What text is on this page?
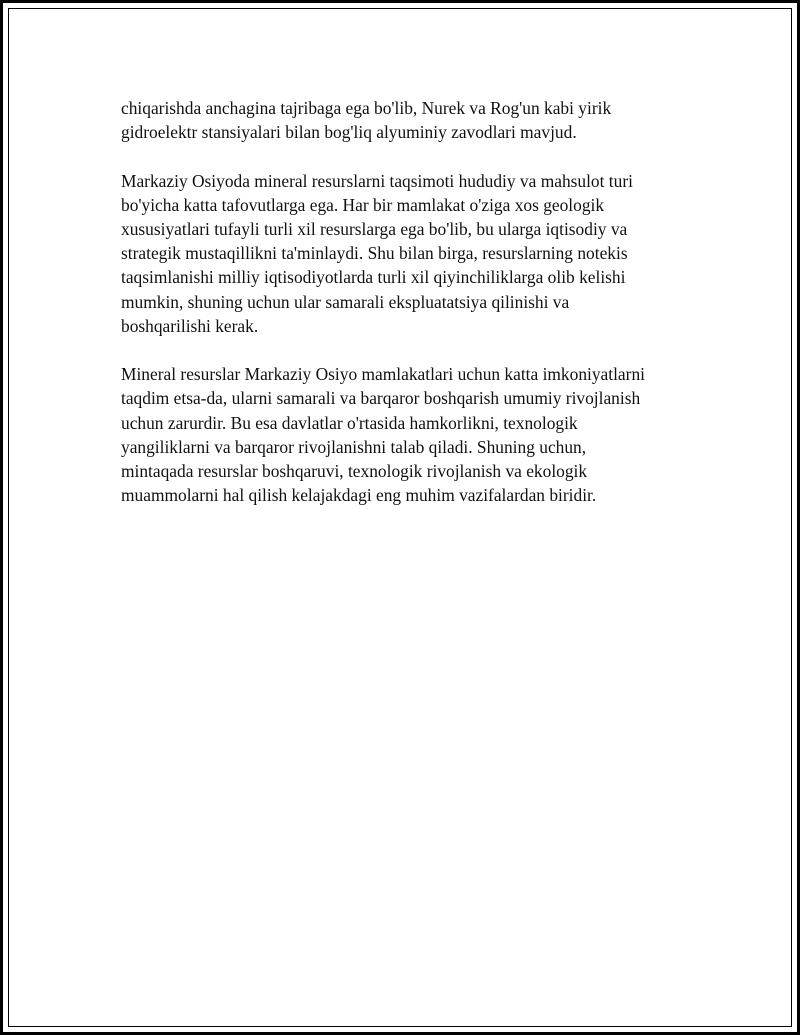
chiqarishda anchagina tajribaga ega bo'lib, Nurek va Rog'un kabi yirik
gidroelektr stansiyalari bilan bog'liq alyuminiy zavodlari mavjud.

Markaziy Osiyoda mineral resurslarni taqsimoti hududiy va mahsulot turi
bo'yicha katta tafovutlarga ega. Har bir mamlakat o'ziga xos geologik
xususiyatlari tufayli turli xil resurslarga ega bo'lib, bu ularga iqtisodiy va
strategik mustaqillikni ta'minlaydi. Shu bilan birga, resurslarning notekis
taqsimlanishi milliy iqtisodiyotlarda turli xil qiyinchiliklarga olib kelishi
mumkin, shuning uchun ular samarali ekspluatatsiya qilinishi va
boshqarilishi kerak.

Mineral resurslar Markaziy Osiyo mamlakatlari uchun katta imkoniyatlarni
taqdim etsa-da, ularni samarali va barqaror boshqarish umumiy rivojlanish
uchun zarurdir. Bu esa davlatlar o'rtasida hamkorlikni, texnologik
yangiliklarni va barqaror rivojlanishni talab qiladi. Shuning uchun,
mintaqada resurslar boshqaruvi, texnologik rivojlanish va ekologik
muammolarni hal qilish kelajakdagi eng muhim vazifalardan biridir.
